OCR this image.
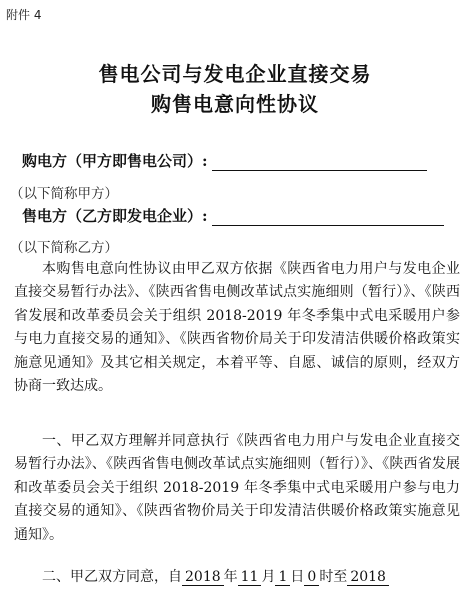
附件 4
售电公司与发电企业直接交易
购售电意向性协议
购电方（甲方即售电公司）:
（以下简称甲方）
售电方（乙方即发电企业）:
（以下简称乙方）
本购售电意向性协议由甲乙双方依据《陕西省电力用户与发电企业直接交易暂行办法》、《陕西省售电侧改革试点实施细则（暂行）》、《陕西省发展和改革委员会关于组织 2018-2019 年冬季集中式电采暖用户参与电力直接交易的通知》、《陕西省物价局关于印发清洁供暖价格政策实施意见通知》及其它相关规定，本着平等、自愿、诚信的原则，经双方协商一致达成。
一、甲乙双方理解并同意执行《陕西省电力用户与发电企业直接交易暂行办法》、《陕西省售电侧改革试点实施细则（暂行）》、《陕西省发展和改革委员会关于组织 2018-2019 年冬季集中式电采暖用户参与电力直接交易的通知》、《陕西省物价局关于印发清洁供暖价格政策实施意见通知》。
二、甲乙双方同意，自 2018 年 11 月 1 日 0 时至 2018
